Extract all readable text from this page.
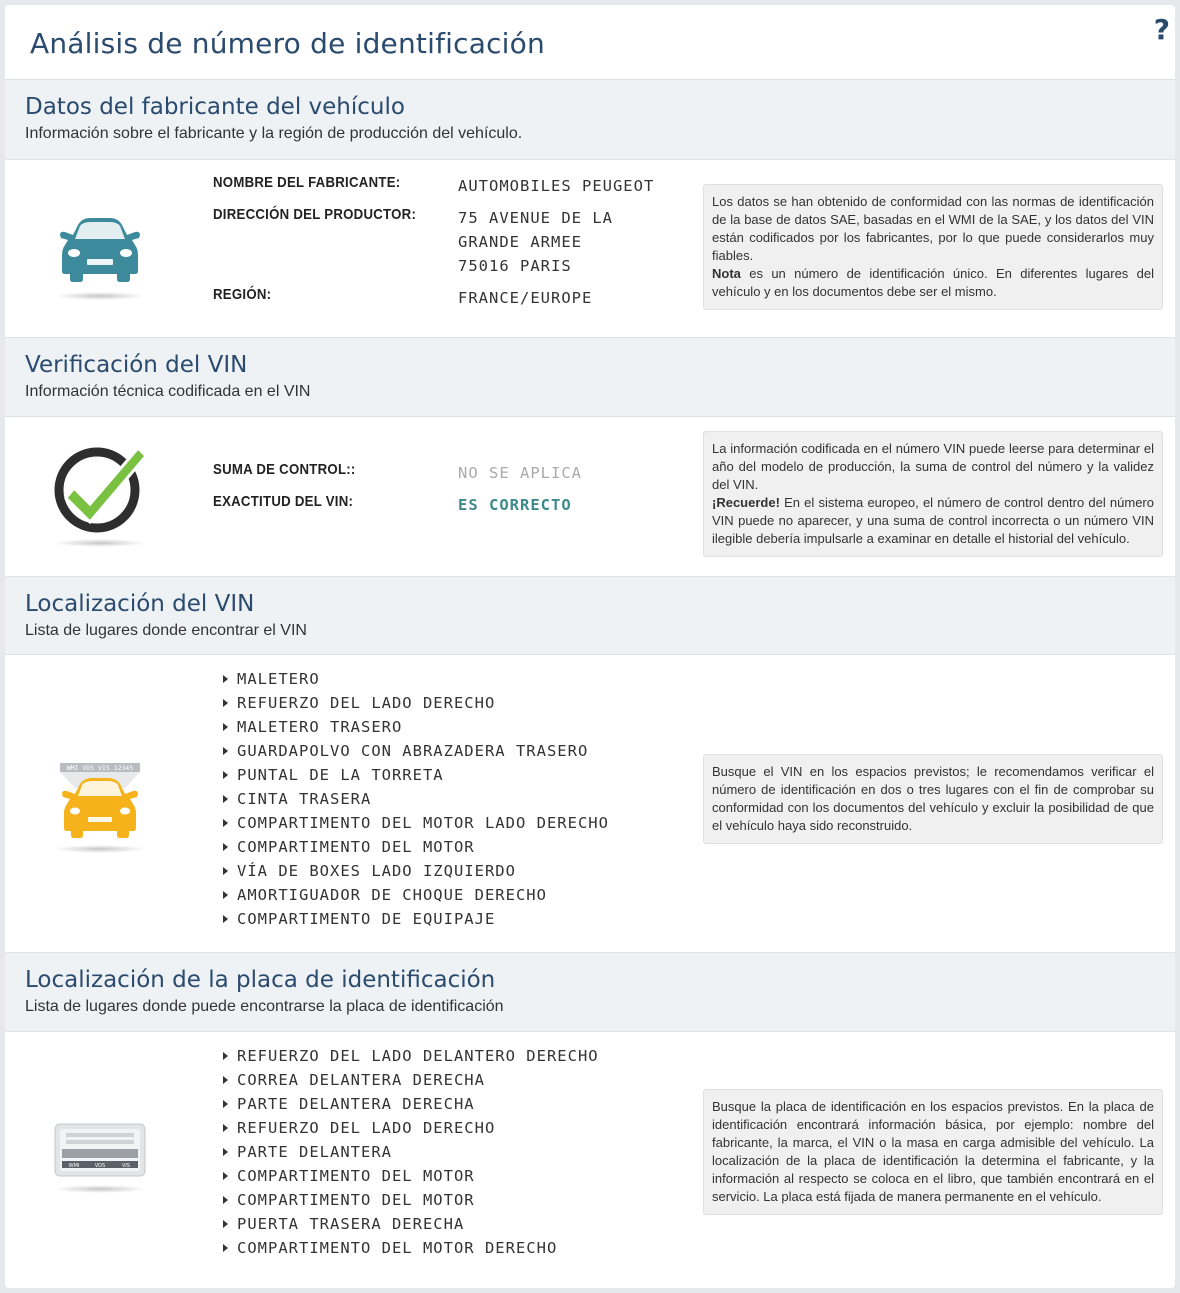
Análisis de número de identificación	?
Datos del fabricante del vehículo
Información sobre el fabricante y la región de producción del vehículo.
NOMBRE DEL FABRICANTE:	AUTOMOBILES PEUGEOT
DIRECCIÓN DEL PRODUCTOR:	75 AVENUE DE LA
GRANDE ARMEE
75016 PARIS
REGIÓN:	FRANCE/EUROPE
Los datos se han obtenido de conformidad con las normas de identificación de la base de datos SAE, basadas en el WMI de la SAE, y los datos del VIN están codificados por los fabricantes, por lo que puede considerarlos muy fiables.
Nota es un número de identificación único. En diferentes lugares del vehículo y en los documentos debe ser el mismo.
Verificación del VIN
Información técnica codificada en el VIN
SUMA DE CONTROL::	NO SE APLICA
EXACTITUD DEL VIN:	ES CORRECTO
La información codificada en el número VIN puede leerse para determinar el año del modelo de producción, la suma de control del número y la validez del VIN.
¡Recuerde! En el sistema europeo, el número de control dentro del número VIN puede no aparecer, y una suma de control incorrecta o un número VIN ilegible debería impulsarle a examinar en detalle el historial del vehículo.
Localización del VIN
Lista de lugares donde encontrar el VIN
WMI VDS VIS 12345
MALETERO
REFUERZO DEL LADO DERECHO
MALETERO TRASERO
GUARDAPOLVO CON ABRAZADERA TRASERO
PUNTAL DE LA TORRETA
CINTA TRASERA
COMPARTIMENTO DEL MOTOR LADO DERECHO
COMPARTIMENTO DEL MOTOR
VÍA DE BOXES LADO IZQUIERDO
AMORTIGUADOR DE CHOQUE DERECHO
COMPARTIMENTO DE EQUIPAJE
Busque el VIN en los espacios previstos; le recomendamos verificar el número de identificación en dos o tres lugares con el fin de comprobar su conformidad con los documentos del vehículo y excluir la posibilidad de que el vehículo haya sido reconstruido.
Localización de la placa de identificación
Lista de lugares donde puede encontrarse la placa de identificación
WMI	VDS	VIS
REFUERZO DEL LADO DELANTERO DERECHO
CORREA DELANTERA DERECHA
PARTE DELANTERA DERECHA
REFUERZO DEL LADO DERECHO
PARTE DELANTERA
COMPARTIMENTO DEL MOTOR
COMPARTIMENTO DEL MOTOR
PUERTA TRASERA DERECHA
COMPARTIMENTO DEL MOTOR DERECHO
Busque la placa de identificación en los espacios previstos. En la placa de identificación encontrará información básica, por ejemplo: nombre del fabricante, la marca, el VIN o la masa en carga admisible del vehículo. La localización de la placa de identificación la determina el fabricante, y la información al respecto se coloca en el libro, que también encontrará en el servicio. La placa está fijada de manera permanente en el vehículo.
